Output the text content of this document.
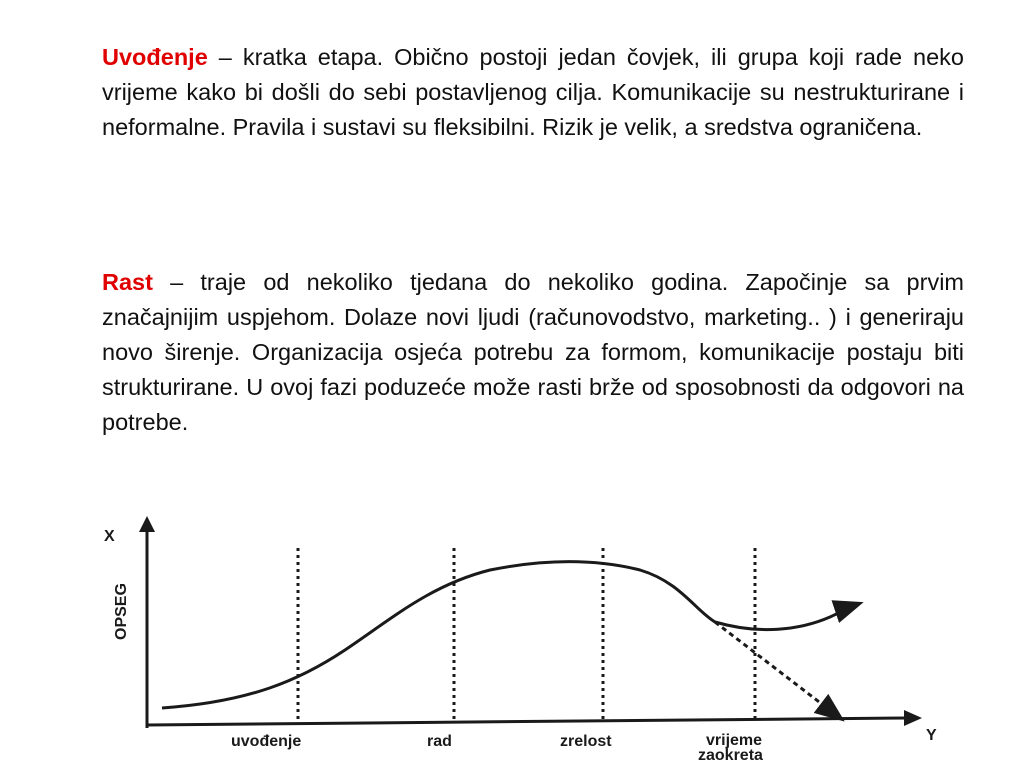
Uvođenje – kratka etapa. Obično postoji jedan čovjek, ili grupa koji rade neko vrijeme kako bi došli do sebi postavljenog cilja. Komunikacije su nestrukturirane i neformalne. Pravila i sustavi su fleksibilni. Rizik je velik, a sredstva ograničena.
Rast – traje od nekoliko tjedana do nekoliko godina. Započinje sa prvim značajnijim uspjehom. Dolaze novi ljudi (računovodstvo, marketing.. ) i generiraju novo širenje. Organizacija osjeća potrebu za formom, komunikacije postaju biti strukturirane. U ovoj fazi poduzeće može rasti brže od sposobnosti da odgovori na potrebe.
X
OPSEG
Y
uvođenje	rad	zrelost	vrijeme
zaokreta
